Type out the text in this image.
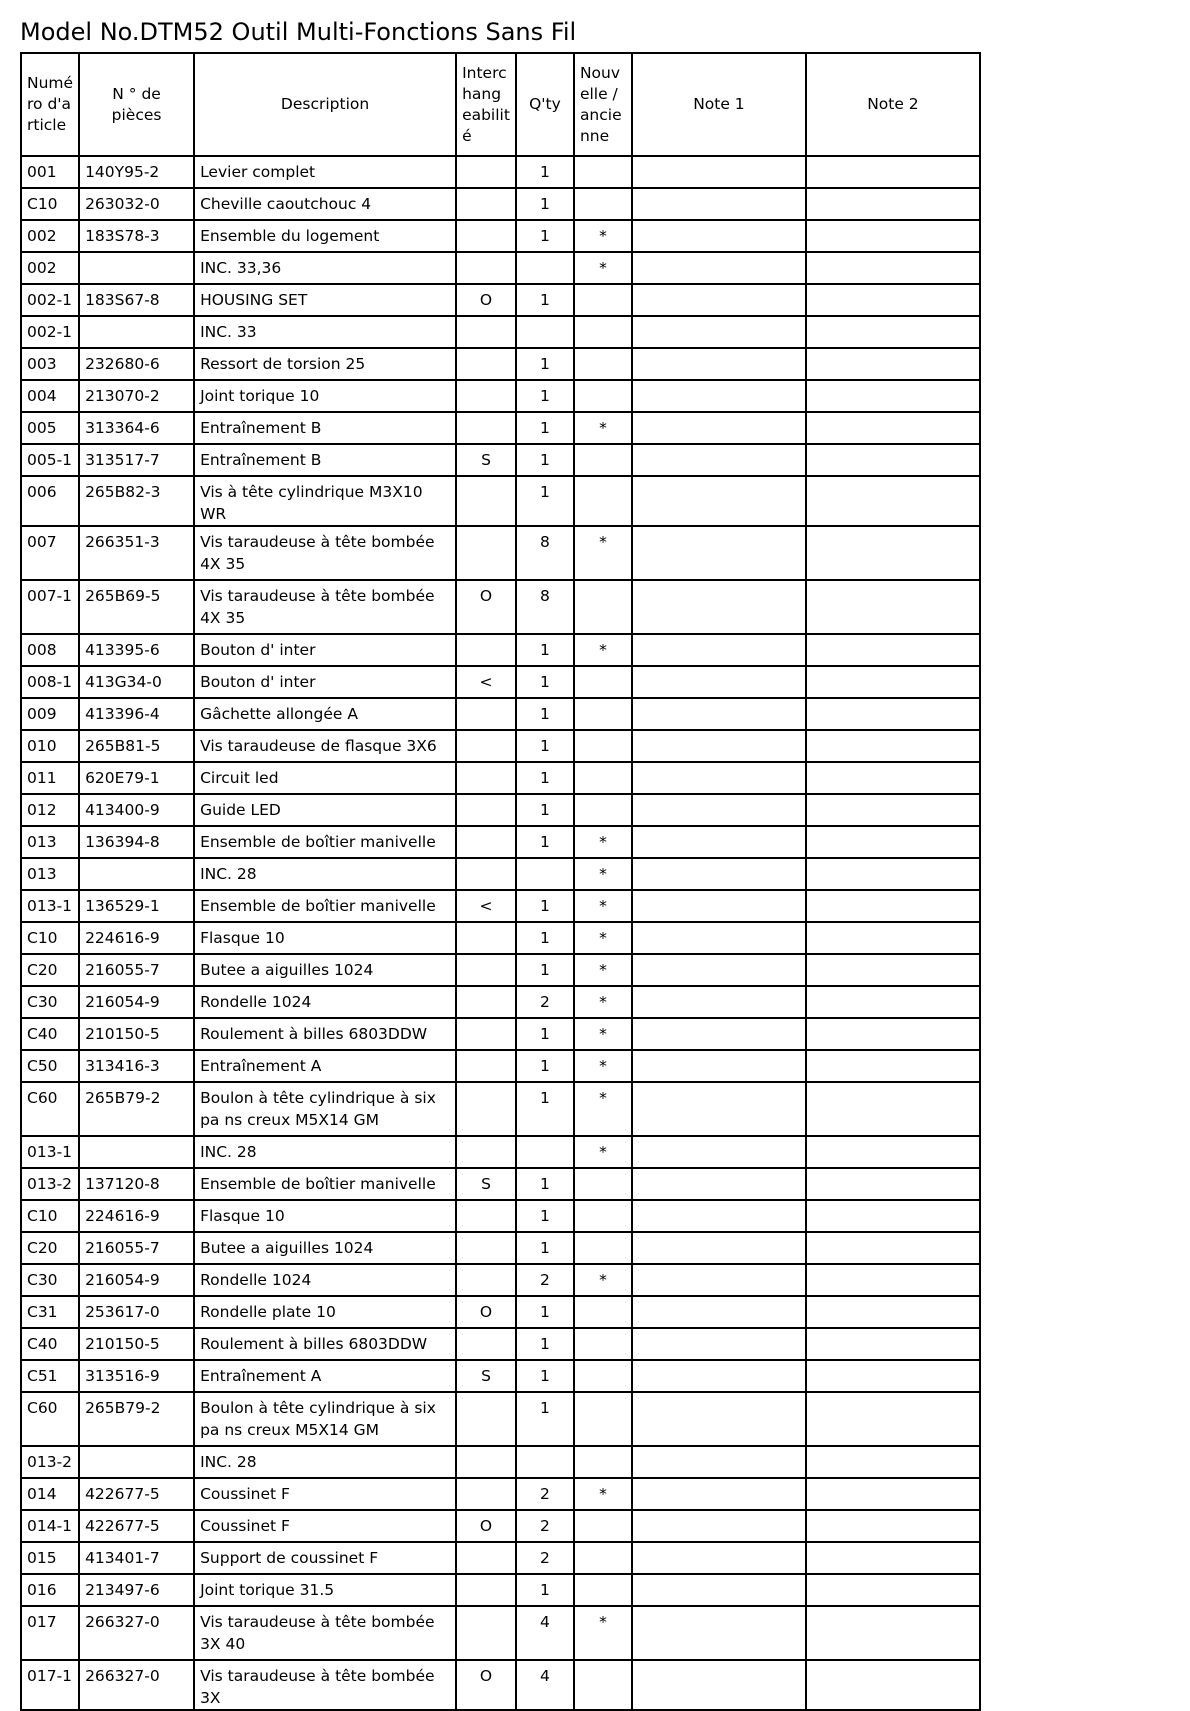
Model No.DTM52 Outil Multi-Fonctions Sans Fil
Numé ro d'a rticle	N ° de pièces	Description	Interc hang eabilit é	Q'ty	Nouv elle / ancie nne	Note 1	Note 2
001	140Y95-2	Levier complet		1			
C10	263032-0	Cheville caoutchouc 4		1			
002	183S78-3	Ensemble du logement		1	*		
002		INC. 33,36			*		
002-1	183S67-8	HOUSING SET	O	1			
002-1		INC. 33					
003	232680-6	Ressort de torsion 25		1			
004	213070-2	Joint torique 10		1			
005	313364-6	Entraînement B		1	*		
005-1	313517-7	Entraînement B	S	1			
006	265B82-3	Vis à tête cylindrique M3X10 WR		1			
007	266351-3	Vis taraudeuse à tête bombée 4X 35		8	*		
007-1	265B69-5	Vis taraudeuse à tête bombée 4X 35	O	8			
008	413395-6	Bouton d' inter		1	*		
008-1	413G34-0	Bouton d' inter	<	1			
009	413396-4	Gâchette allongée A		1			
010	265B81-5	Vis taraudeuse de flasque 3X6		1			
011	620E79-1	Circuit led		1			
012	413400-9	Guide LED		1			
013	136394-8	Ensemble de boîtier manivelle		1	*		
013		INC. 28			*		
013-1	136529-1	Ensemble de boîtier manivelle	<	1	*		
C10	224616-9	Flasque 10		1	*		
C20	216055-7	Butee a aiguilles 1024		1	*		
C30	216054-9	Rondelle 1024		2	*		
C40	210150-5	Roulement à billes 6803DDW		1	*		
C50	313416-3	Entraînement A		1	*		
C60	265B79-2	Boulon à tête cylindrique à six pa ns creux M5X14 GM		1	*		
013-1		INC. 28			*		
013-2	137120-8	Ensemble de boîtier manivelle	S	1			
C10	224616-9	Flasque 10		1			
C20	216055-7	Butee a aiguilles 1024		1			
C30	216054-9	Rondelle 1024		2	*		
C31	253617-0	Rondelle plate 10	O	1			
C40	210150-5	Roulement à billes 6803DDW		1			
C51	313516-9	Entraînement A	S	1			
C60	265B79-2	Boulon à tête cylindrique à six pa ns creux M5X14 GM		1			
013-2		INC. 28					
014	422677-5	Coussinet F		2	*		
014-1	422677-5	Coussinet F	O	2			
015	413401-7	Support de coussinet F		2			
016	213497-6	Joint torique 31.5		1			
017	266327-0	Vis taraudeuse à tête bombée 3X 40		4	*		
017-1	266327-0	Vis taraudeuse à tête bombée 3X	O	4			
